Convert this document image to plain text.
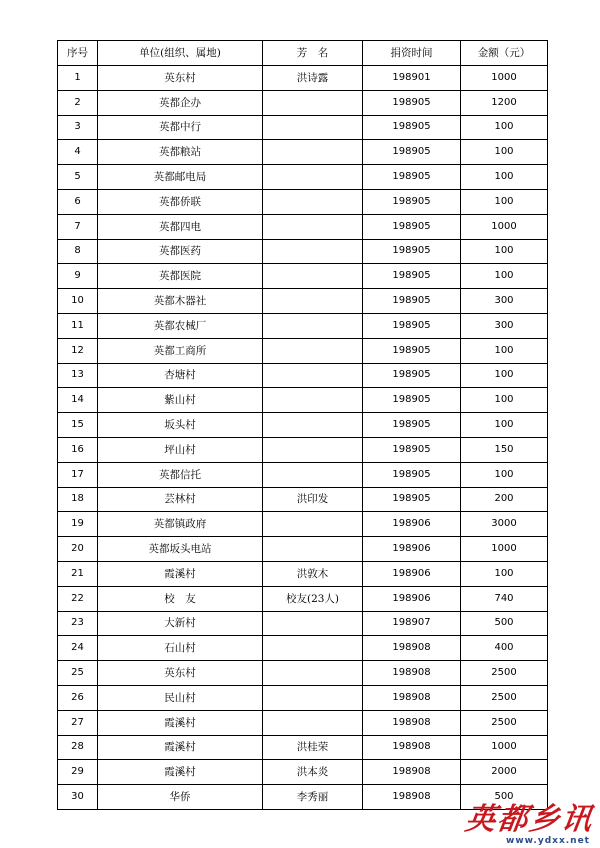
序号	单位(组织、属地)	芳　名	捐资时间	金额（元）
1	英东村	洪诗露	198901	1000
2	英都企办		198905	1200
3	英都中行		198905	100
4	英都粮站		198905	100
5	英都邮电局		198905	100
6	英都侨联		198905	100
7	英都四电		198905	1000
8	英都医药		198905	100
9	英都医院		198905	100
10	英都木器社		198905	300
11	英都农械厂		198905	300
12	英都工商所		198905	100
13	杏塘村		198905	100
14	紫山村		198905	100
15	坂头村		198905	100
16	坪山村		198905	150
17	英都信托		198905	100
18	芸林村	洪印发	198905	200
19	英都镇政府		198906	3000
20	英都坂头电站		198906	1000
21	霞溪村	洪敦木	198906	100
22	校　友	校友(23人)	198906	740
23	大新村		198907	500
24	石山村		198908	400
25	英东村		198908	2500
26	民山村		198908	2500
27	霞溪村		198908	2500
28	霞溪村	洪桂荣	198908	1000
29	霞溪村	洪本炎	198908	2000
30	华侨	李秀丽	198908	500
英都乡讯
www.ydxx.net
